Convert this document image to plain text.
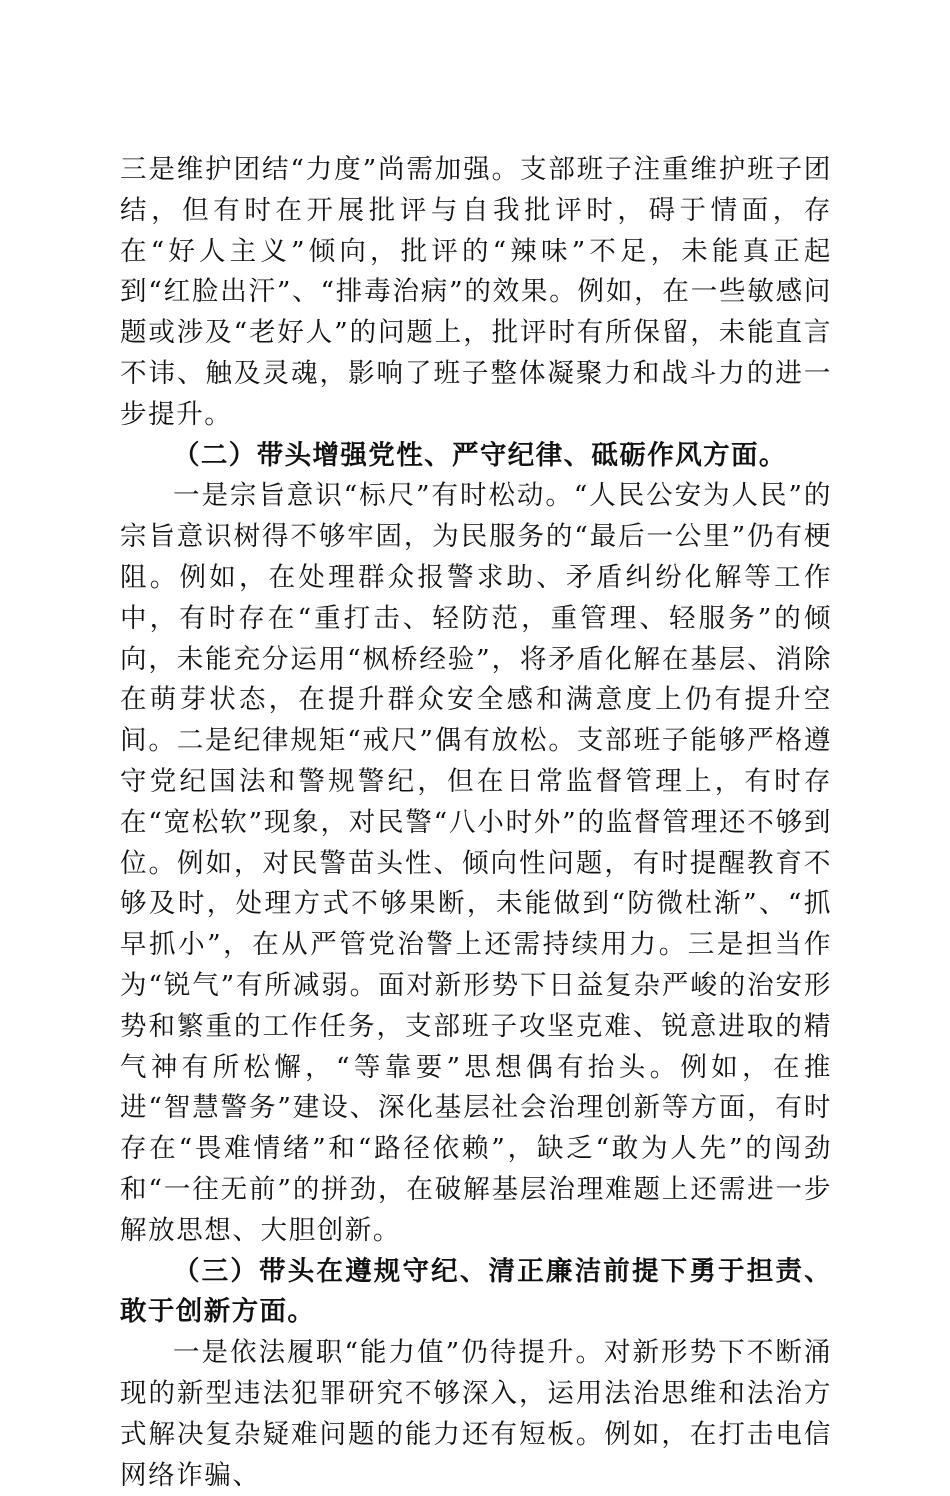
三是维护团结“力度”尚需加强。支部班子注重维护班子团结，但有时在开展批评与自我批评时，碍于情面，存在“好人主义”倾向，批评的“辣味”不足，未能真正起到“红脸出汗”、“排毒治病”的效果。例如，在一些敏感问题或涉及“老好人”的问题上，批评时有所保留，未能直言不讳、触及灵魂，影响了班子整体凝聚力和战斗力的进一步提升。

（二）带头增强党性、严守纪律、砥砺作风方面。

一是宗旨意识“标尺”有时松动。“人民公安为人民”的宗旨意识树得不够牢固，为民服务的“最后一公里”仍有梗阻。例如，在处理群众报警求助、矛盾纠纷化解等工作中，有时存在“重打击、轻防范，重管理、轻服务”的倾向，未能充分运用“枫桥经验”，将矛盾化解在基层、消除在萌芽状态，在提升群众安全感和满意度上仍有提升空间。二是纪律规矩“戒尺”偶有放松。支部班子能够严格遵守党纪国法和警规警纪，但在日常监督管理上，有时存在“宽松软”现象，对民警“八小时外”的监督管理还不够到位。例如，对民警苗头性、倾向性问题，有时提醒教育不够及时，处理方式不够果断，未能做到“防微杜渐”、“抓早抓小”，在从严管党治警上还需持续用力。三是担当作为“锐气”有所减弱。面对新形势下日益复杂严峻的治安形势和繁重的工作任务，支部班子攻坚克难、锐意进取的精气神有所松懈，“等靠要”思想偶有抬头。例如，在推进“智慧警务”建设、深化基层社会治理创新等方面，有时存在“畏难情绪”和“路径依赖”，缺乏“敢为人先”的闯劲和“一往无前”的拼劲，在破解基层治理难题上还需进一步解放思想、大胆创新。

（三）带头在遵规守纪、清正廉洁前提下勇于担责、敢于创新方面。

一是依法履职“能力值”仍待提升。对新形势下不断涌现的新型违法犯罪研究不够深入，运用法治思维和法治方式解决复杂疑难问题的能力还有短板。例如，在打击电信网络诈骗、
